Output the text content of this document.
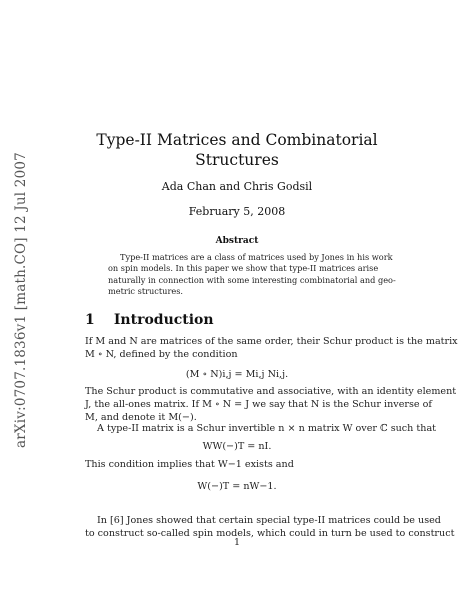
arXiv:0707.1836v1 [math.CO] 12 Jul 2007
Type-II Matrices and Combinatorial
Structures
Ada Chan and Chris Godsil
February 5, 2008
Abstract
Type-II matrices are a class of matrices used by Jones in his work
on spin models. In this paper we show that type-II matrices arise
naturally in connection with some interesting combinatorial and geo-
metric structures.
1 Introduction
If M and N are matrices of the same order, their Schur product is the matrix
M ∘ N, defined by the condition
(M ∘ N)i,j = Mi,j Ni,j.
The Schur product is commutative and associative, with an identity element
J, the all-ones matrix. If M ∘ N = J we say that N is the Schur inverse of
M, and denote it M(−).
A type-II matrix is a Schur invertible n × n matrix W over ℂ such that
WW(−)T = nI.
This condition implies that W−1 exists and
W(−)T = nW−1.
In [6] Jones showed that certain special type-II matrices could be used
to construct so-called spin models, which could in turn be used to construct
1
